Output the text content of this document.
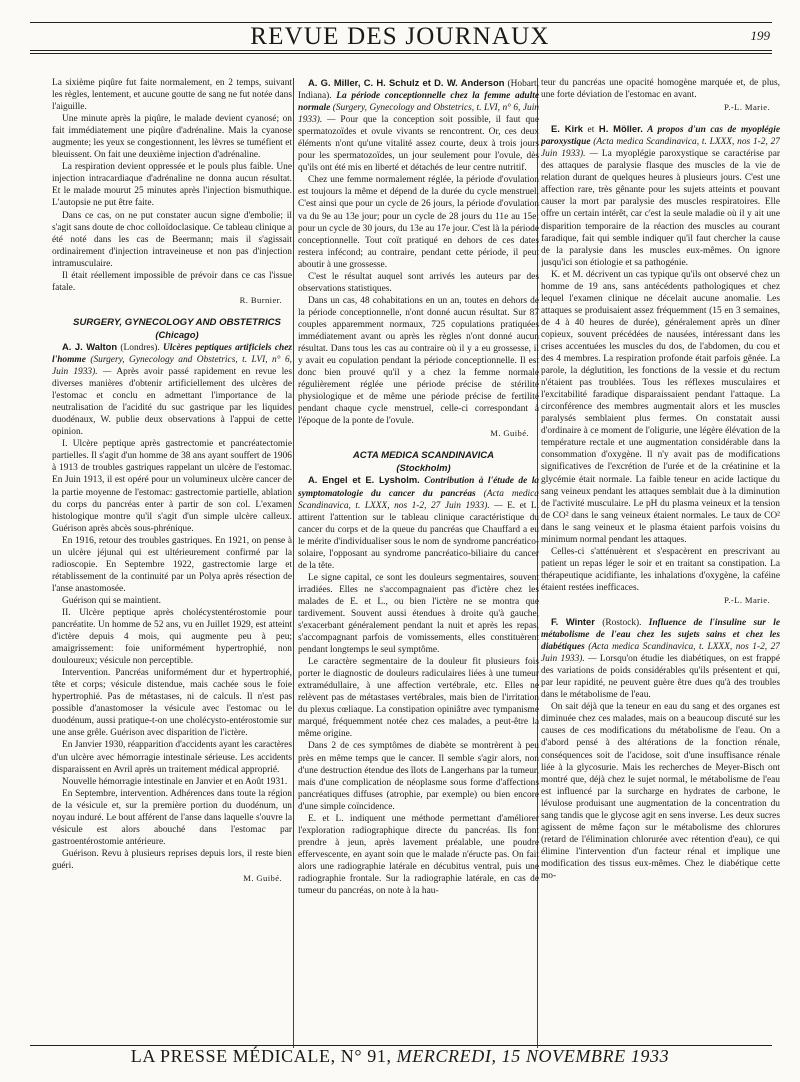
REVUE DES JOURNAUX	199

La sixième piqûre fut faite normalement, en 2 temps, suivant les règles, lentement, et aucune goutte de sang ne fut notée dans l'aiguille.

Une minute après la piqûre, le malade devient cyanosé; on fait immédiatement une piqûre d'adrénaline. Mais la cyanose augmente; les yeux se congestionnent, les lèvres se tuméfient et bleuissent. On fait une deuxième injection d'adrénaline.

La respiration devient oppressée et le pouls plus faible. Une injection intracardiaque d'adrénaline ne donna aucun résultat. Et le malade mourut 25 minutes après l'injection bismuthique. L'autopsie ne put être faite.

Dans ce cas, on ne put constater aucun signe d'embolie; il s'agit sans doute de choc colloïdoclasique. Ce tableau clinique a été noté dans les cas de Beermann; mais il s'agissait ordinairement d'injection intraveineuse et non pas d'injection intramusculaire.

Il était réellement impossible de prévoir dans ce cas l'issue fatale.

R. Burnier.

SURGERY, GYNECOLOGY AND OBSTETRICS

(Chicago)

A. J. Walton (Londres). Ulcères peptiques artificiels chez l'homme (Surgery, Gynecology and Obstetrics, t. LVI, n° 6, Juin 1933). — Après avoir passé rapidement en revue les diverses manières d'obtenir artificiellement des ulcères de l'estomac et conclu en admettant l'importance de la neutralisation de l'acidité du suc gastrique par les liquides duodénaux, W. publie deux observations à l'appui de cette opinion.

I. Ulcère peptique après gastrectomie et pancréatectomie partielles. Il s'agit d'un homme de 38 ans ayant souffert de 1906 à 1913 de troubles gastriques rappelant un ulcère de l'estomac. En Juin 1913, il est opéré pour un volumineux ulcère cancer de la partie moyenne de l'estomac: gastrectomie partielle, ablation du corps du pancréas enter à partir de son col. L'examen histologique montre qu'il s'agit d'un simple ulcère calleux. Guérison après abcès sous-phrénique.

En 1916, retour des troubles gastriques. En 1921, on pense à un ulcère jéjunal qui est ultérieurement confirmé par la radioscopie. En Septembre 1922, gastrectomie large et rétablissement de la continuité par un Polya après résection de l'anse anastomosée.

Guérison qui se maintient.

II. Ulcère peptique après cholécystentérostomie pour pancréatite. Un homme de 52 ans, vu en Juillet 1929, est atteint d'ictère depuis 4 mois, qui augmente peu à peu; amaigrissement: foie uniformément hypertrophié, non douloureux; vésicule non perceptible.

Intervention. Pancréas uniformément dur et hypertrophié, tête et corps; vésicule distendue, mais cachée sous le foie hypertrophié. Pas de métastases, ni de calculs. Il n'est pas possible d'anastomoser la vésicule avec l'estomac ou le duodénum, aussi pratique-t-on une cholécysto-entérostomie sur une anse grêle. Guérison avec disparition de l'ictère.

En Janvier 1930, réapparition d'accidents ayant les caractères d'un ulcère avec hémorragie intestinale sérieuse. Les accidents disparaissent en Avril après un traitement médical approprié.

Nouvelle hémorragie intestinale en Janvier et en Août 1931.

En Septembre, intervention. Adhérences dans toute la région de la vésicule et, sur la première portion du duodénum, un noyau induré. Le bout afférent de l'anse dans laquelle s'ouvre la vésicule est alors abouché dans l'estomac par gastroentérostomie antérieure.

Guérison. Revu à plusieurs reprises depuis lors, il reste bien guéri.

M. Guibé.

A. G. Miller, C. H. Schulz et D. W. Anderson (Hobart, Indiana). La période conceptionnelle chez la femme adulte normale (Surgery, Gynecology and Obstetrics, t. LVI, n° 6, Juin 1933). — Pour que la conception soit possible, il faut que spermatozoïdes et ovule vivants se rencontrent. Or, ces deux éléments n'ont qu'une vitalité assez courte, deux à trois jours pour les spermatozoïdes, un jour seulement pour l'ovule, dès qu'ils ont été mis en liberté et détachés de leur centre nutritif.

Chez une femme normalement réglée, la période d'ovulation est toujours la même et dépend de la durée du cycle menstruel. C'est ainsi que pour un cycle de 26 jours, la période d'ovulation va du 9e au 13e jour; pour un cycle de 28 jours du 11e au 15e; pour un cycle de 30 jours, du 13e au 17e jour. C'est là la période conceptionnelle. Tout coït pratiqué en dehors de ces dates restera infécond; au contraire, pendant cette période, il peut aboutir à une grossesse.

C'est le résultat auquel sont arrivés les auteurs par des observations statistiques.

Dans un cas, 48 cohabitations en un an, toutes en dehors de la période conceptionnelle, n'ont donné aucun résultat. Sur 87 couples apparemment normaux, 725 copulations pratiquées immédiatement avant ou après les règles n'ont donné aucun résultat. Dans tous les cas au contraire où il y a eu grossesse, il y avait eu copulation pendant la période conceptionnelle. Il est donc bien prouvé qu'il y a chez la femme normale régulièrement réglée une période précise de stérilité physiologique et de même une période précise de fertilité pendant chaque cycle menstruel, celle-ci correspondant à l'époque de la ponte de l'ovule.

M. Guibé.

ACTA MEDICA SCANDINAVICA

(Stockholm)

A. Engel et E. Lysholm. Contribution à l'étude de la symptomatologie du cancer du pancréas (Acta medica Scandinavica, t. LXXX, nos 1-2, 27 Juin 1933). — E. et L. attirent l'attention sur le tableau clinique caractéristique du cancer du corps et de la queue du pancréas que Chauffard a eu le mérite d'individualiser sous le nom de syndrome pancréatico-solaire, l'opposant au syndrome pancréatico-biliaire du cancer de la tête.

Le signe capital, ce sont les douleurs segmentaires, souvent irradiées. Elles ne s'accompagnaient pas d'ictère chez les malades de E. et L., ou bien l'ictère ne se montra que tardivement. Souvent aussi étendues à droite qu'à gauche, s'exacerbant généralement pendant la nuit et après les repas, s'accompagnant parfois de vomissements, elles constituèrent pendant longtemps le seul symptôme.

Le caractère segmentaire de la douleur fit plusieurs fois porter le diagnostic de douleurs radiculaires liées à une tumeur extramédullaire, à une affection vertébrale, etc. Elles ne relèvent pas de métastases vertébrales, mais bien de l'irritation du plexus cœliaque. La constipation opiniâtre avec tympanisme marqué, fréquemment notée chez ces malades, a peut-être la même origine.

Dans 2 de ces symptômes de diabète se montrèrent à peu près en même temps que le cancer. Il semble s'agir alors, non d'une destruction étendue des îlots de Langerhans par la tumeur, mais d'une complication de néoplasme sous forme d'affections pancréatiques diffuses (atrophie, par exemple) ou bien encore d'une simple coïncidence.

E. et L. indiquent une méthode permettant d'améliorer l'exploration radiographique directe du pancréas. Ils font prendre à jeun, après lavement préalable, une poudre effervescente, en ayant soin que le malade n'éructe pas. On fait alors une radiographie latérale en décubitus ventral, puis une radiographie frontale. Sur la radiographie latérale, en cas de tumeur du pancréas, on note à la hau-

teur du pancréas une opacité homogène marquée et, de plus, une forte déviation de l'estomac en avant.

P.-L. Marie.

E. Kirk et H. Möller. A propos d'un cas de myoplégie paroxystique (Acta medica Scandinavica, t. LXXX, nos 1-2, 27 Juin 1933). — La myoplégie paroxystique se caractérise par des attaques de paralysie flasque des muscles de la vie de relation durant de quelques heures à plusieurs jours. C'est une affection rare, très gênante pour les sujets atteints et pouvant causer la mort par paralysie des muscles respiratoires. Elle offre un certain intérêt, car c'est la seule maladie où il y ait une disparition temporaire de la réaction des muscles au courant faradique, fait qui semble indiquer qu'il faut chercher la cause de la paralysie dans les muscles eux-mêmes. On ignore jusqu'ici son étiologie et sa pathogénie.

K. et M. décrivent un cas typique qu'ils ont observé chez un homme de 19 ans, sans antécédents pathologiques et chez lequel l'examen clinique ne décelait aucune anomalie. Les attaques se produisaient assez fréquemment (15 en 3 semaines, de 4 à 40 heures de durée), généralement après un dîner copieux, souvent précédées de nausées, intéressant dans les crises accentuées les muscles du dos, de l'abdomen, du cou et des 4 membres. La respiration profonde était parfois gênée. La parole, la déglutition, les fonctions de la vessie et du rectum n'étaient pas troublées. Tous les réflexes musculaires et l'excitabilité faradique disparaissaient pendant l'attaque. La circonférence des membres augmentait alors et les muscles paralysés semblaient plus fermes. On constatait aussi d'ordinaire à ce moment de l'oligurie, une légère élévation de la température rectale et une augmentation considérable dans la consommation d'oxygène. Il n'y avait pas de modifications significatives de l'excrétion de l'urée et de la créatinine et la glycémie était normale. La faible teneur en acide lactique du sang veineux pendant les attaques semblait due à la diminution de l'activité musculaire. Le pH du plasma veineux et la tension de CO² dans le sang veineux étaient normales. Le taux de CO² dans le sang veineux et le plasma étaient parfois voisins du minimum normal pendant les attaques.

Celles-ci s'atténuèrent et s'espacèrent en prescrivant au patient un repas léger le soir et en traitant sa constipation. La thérapeutique acidifiante, les inhalations d'oxygène, la caféine étaient restées inefficaces.

P.-L. Marie.

F. Winter (Rostock). Influence de l'insuline sur le métabolisme de l'eau chez les sujets sains et chez les diabétiques (Acta medica Scandinavica, t. LXXX, nos 1-2, 27 Juin 1933). — Lorsqu'on étudie les diabétiques, on est frappé des variations de poids considérables qu'ils présentent et qui, par leur rapidité, ne peuvent guère être dues qu'à des troubles dans le métabolisme de l'eau.

On sait déjà que la teneur en eau du sang et des organes est diminuée chez ces malades, mais on a beaucoup discuté sur les causes de ces modifications du métabolisme de l'eau. On a d'abord pensé à des altérations de la fonction rénale, conséquences soit de l'acidose, soit d'une insuffisance rénale liée à la glycosurie. Mais les recherches de Meyer-Bisch ont montré que, déjà chez le sujet normal, le métabolisme de l'eau est influencé par la surcharge en hydrates de carbone, le lévulose produisant une augmentation de la concentration du sang tandis que le glycose agit en sens inverse. Les deux sucres agissent de même façon sur le métabolisme des chlorures (retard de l'élimination chlorurée avec rétention d'eau), ce qui élimine l'intervention d'un facteur rénal et implique une modification des tissus eux-mêmes. Chez le diabétique cette mo-

LA PRESSE MÉDICALE, N° 91, MERCREDI, 15 NOVEMBRE 1933
